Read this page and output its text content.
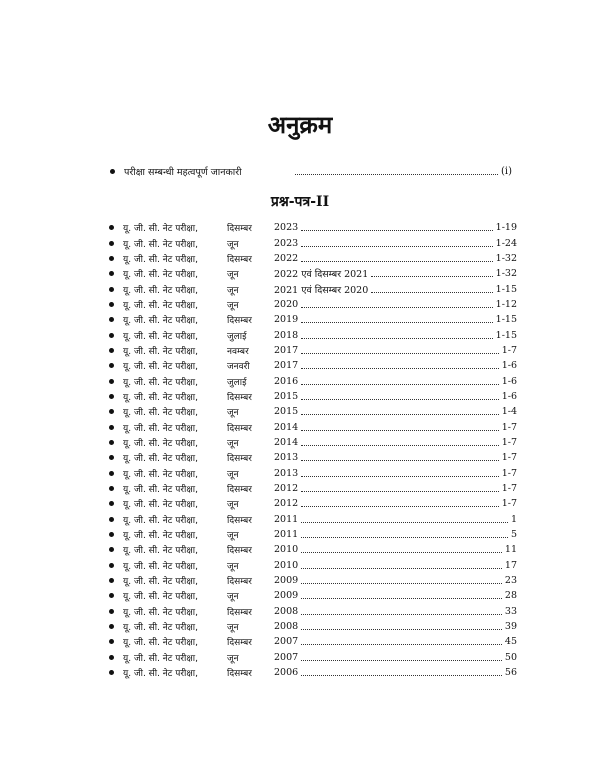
अनुक्रम
परीक्षा सम्बन्धी महत्वपूर्ण जानकारी	(i)
प्रश्न-पत्र-II
यू. जी. सी. नेट परीक्षा,	दिसम्बर	2023	1-19
यू. जी. सी. नेट परीक्षा,	जून	2023	1-24
यू. जी. सी. नेट परीक्षा,	दिसम्बर	2022	1-32
यू. जी. सी. नेट परीक्षा,	जून	2022 एवं दिसम्बर 2021	1-32
यू. जी. सी. नेट परीक्षा,	जून	2021 एवं दिसम्बर 2020	1-15
यू. जी. सी. नेट परीक्षा,	जून	2020	1-12
यू. जी. सी. नेट परीक्षा,	दिसम्बर	2019	1-15
यू. जी. सी. नेट परीक्षा,	जुलाई	2018	1-15
यू. जी. सी. नेट परीक्षा,	नवम्बर	2017	1-7
यू. जी. सी. नेट परीक्षा,	जनवरी	2017	1-6
यू. जी. सी. नेट परीक्षा,	जुलाई	2016	1-6
यू. जी. सी. नेट परीक्षा,	दिसम्बर	2015	1-6
यू. जी. सी. नेट परीक्षा,	जून	2015	1-4
यू. जी. सी. नेट परीक्षा,	दिसम्बर	2014	1-7
यू. जी. सी. नेट परीक्षा,	जून	2014	1-7
यू. जी. सी. नेट परीक्षा,	दिसम्बर	2013	1-7
यू. जी. सी. नेट परीक्षा,	जून	2013	1-7
यू. जी. सी. नेट परीक्षा,	दिसम्बर	2012	1-7
यू. जी. सी. नेट परीक्षा,	जून	2012	1-7
यू. जी. सी. नेट परीक्षा,	दिसम्बर	2011	1
यू. जी. सी. नेट परीक्षा,	जून	2011	5
यू. जी. सी. नेट परीक्षा,	दिसम्बर	2010	11
यू. जी. सी. नेट परीक्षा,	जून	2010	17
यू. जी. सी. नेट परीक्षा,	दिसम्बर	2009	23
यू. जी. सी. नेट परीक्षा,	जून	2009	28
यू. जी. सी. नेट परीक्षा,	दिसम्बर	2008	33
यू. जी. सी. नेट परीक्षा,	जून	2008	39
यू. जी. सी. नेट परीक्षा,	दिसम्बर	2007	45
यू. जी. सी. नेट परीक्षा,	जून	2007	50
यू. जी. सी. नेट परीक्षा,	दिसम्बर	2006	56
